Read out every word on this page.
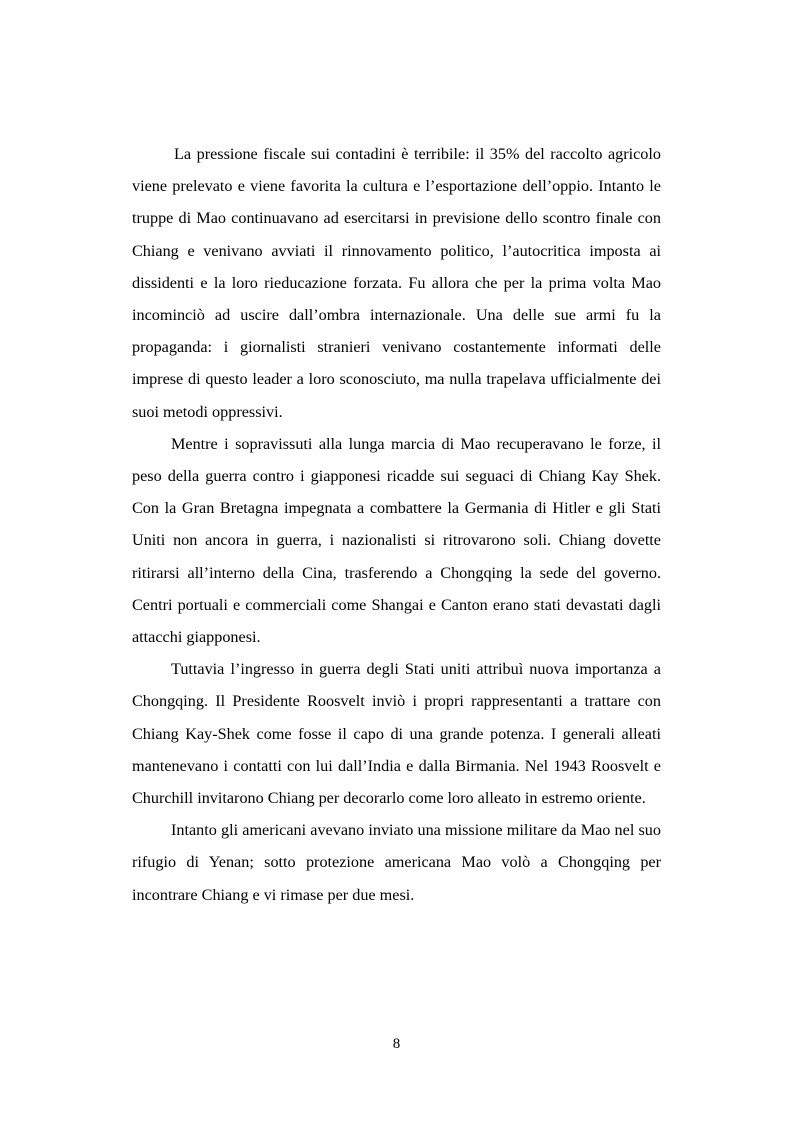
La pressione fiscale sui contadini è terribile: il 35% del raccolto agricolo viene prelevato e viene favorita la cultura e l’esportazione dell’oppio. Intanto le truppe di Mao continuavano ad esercitarsi in previsione dello scontro finale con Chiang e venivano avviati il rinnovamento politico, l’autocritica imposta ai dissidenti e la loro rieducazione forzata. Fu allora che per la prima volta Mao incominciò ad uscire dall’ombra internazionale. Una delle sue armi fu la propaganda: i giornalisti stranieri venivano costantemente informati delle imprese di questo leader a loro sconosciuto, ma nulla trapelava ufficialmente dei suoi metodi oppressivi.

Mentre i sopravissuti alla lunga marcia di Mao recuperavano le forze, il peso della guerra contro i giapponesi ricadde sui seguaci di Chiang Kay Shek. Con la Gran Bretagna impegnata a combattere la Germania di Hitler e gli Stati Uniti non ancora in guerra, i nazionalisti si ritrovarono soli. Chiang dovette ritirarsi all’interno della Cina, trasferendo a Chongqing la sede del governo. Centri portuali e commerciali come Shangai e Canton erano stati devastati dagli attacchi giapponesi.

Tuttavia l’ingresso in guerra degli Stati uniti attribuì nuova importanza a Chongqing. Il Presidente Roosvelt inviò i propri rappresentanti a trattare con Chiang Kay-Shek come fosse il capo di una grande potenza. I generali alleati mantenevano i contatti con lui dall’India e dalla Birmania. Nel 1943 Roosvelt e Churchill invitarono Chiang per decorarlo come loro alleato in estremo oriente.

Intanto gli americani avevano inviato una missione militare da Mao nel suo rifugio di Yenan; sotto protezione americana Mao volò a Chongqing per incontrare Chiang e vi rimase per due mesi.

8
